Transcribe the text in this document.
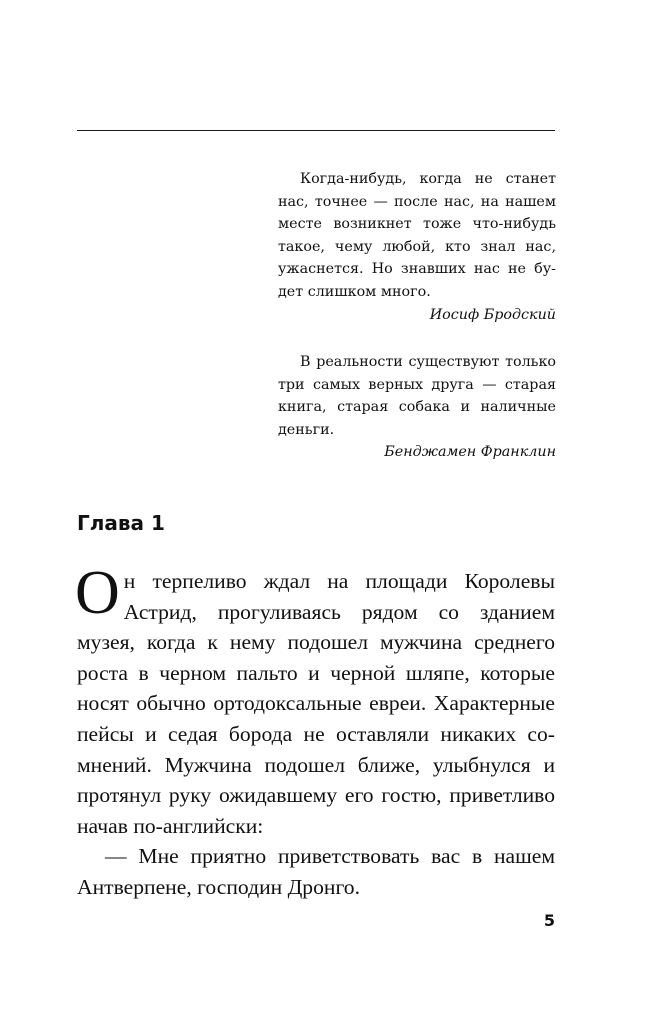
Когда-нибудь, когда не станет нас, точнее — после нас, на нашем месте возникнет тоже что-нибудь такое, чему любой, кто знал нас, ужаснется. Но знавших нас не будет слишком много.

Иосиф Бродский

В реальности существуют только три самых верных друга — старая книга, старая собака и наличные деньги.

Бенджамен Франклин

Глава 1

Он терпеливо ждал на площади Королевы Астрид, прогуливаясь рядом со зданием музея, когда к нему подошел мужчина среднего роста в черном пальто и черной шляпе, которые носят обычно ортодоксальные евреи. Характерные пейсы и седая борода не оставляли никаких сомнений. Мужчина подошел ближе, улыбнулся и протянул руку ожидавшему его гостю, приветливо начав по-английски:

— Мне приятно приветствовать вас в нашем Антверпене, господин Дронго.

5
